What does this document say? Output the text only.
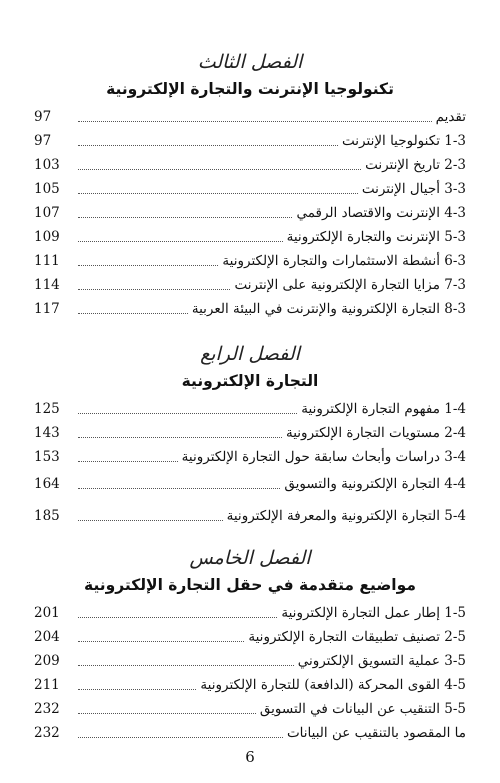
الفصل الثالث
تكنولوجيا الإنترنت والتجارة الإلكترونية
97	تقديم
97	1-3 تكنولوجيا الإنترنت
103	2-3 تاريخ الإنترنت
105	3-3 أجيال الإنترنت
107	4-3 الإنترنت والاقتصاد الرقمي
109	5-3 الإنترنت والتجارة الإلكترونية
111	6-3 أنشطة الاستثمارات والتجارة الإلكترونية
114	7-3 مزايا التجارة الإلكترونية على الإنترنت
117	8-3 التجارة الإلكترونية والإنترنت في البيئة العربية
الفصل الرابع
التجارة الإلكترونية
125	1-4 مفهوم التجارة الإلكترونية
143	2-4 مستويات التجارة الإلكترونية
153	3-4 دراسات وأبحاث سابقة حول التجارة الإلكترونية
164	4-4 التجارة الإلكترونية والتسويق
185	5-4 التجارة الإلكترونية والمعرفة الإلكترونية
الفصل الخامس
مواضيع متقدمة في حقل التجارة الإلكترونية
201	1-5 إطار عمل التجارة الإلكترونية
204	2-5 تصنيف تطبيقات التجارة الإلكترونية
209	3-5 عملية التسويق الإلكتروني
211	4-5 القوى المحركة (الدافعة) للتجارة الإلكترونية
232	5-5 التنقيب عن البيانات في التسويق
232	ما المقصود بالتنقيب عن البيانات
6
